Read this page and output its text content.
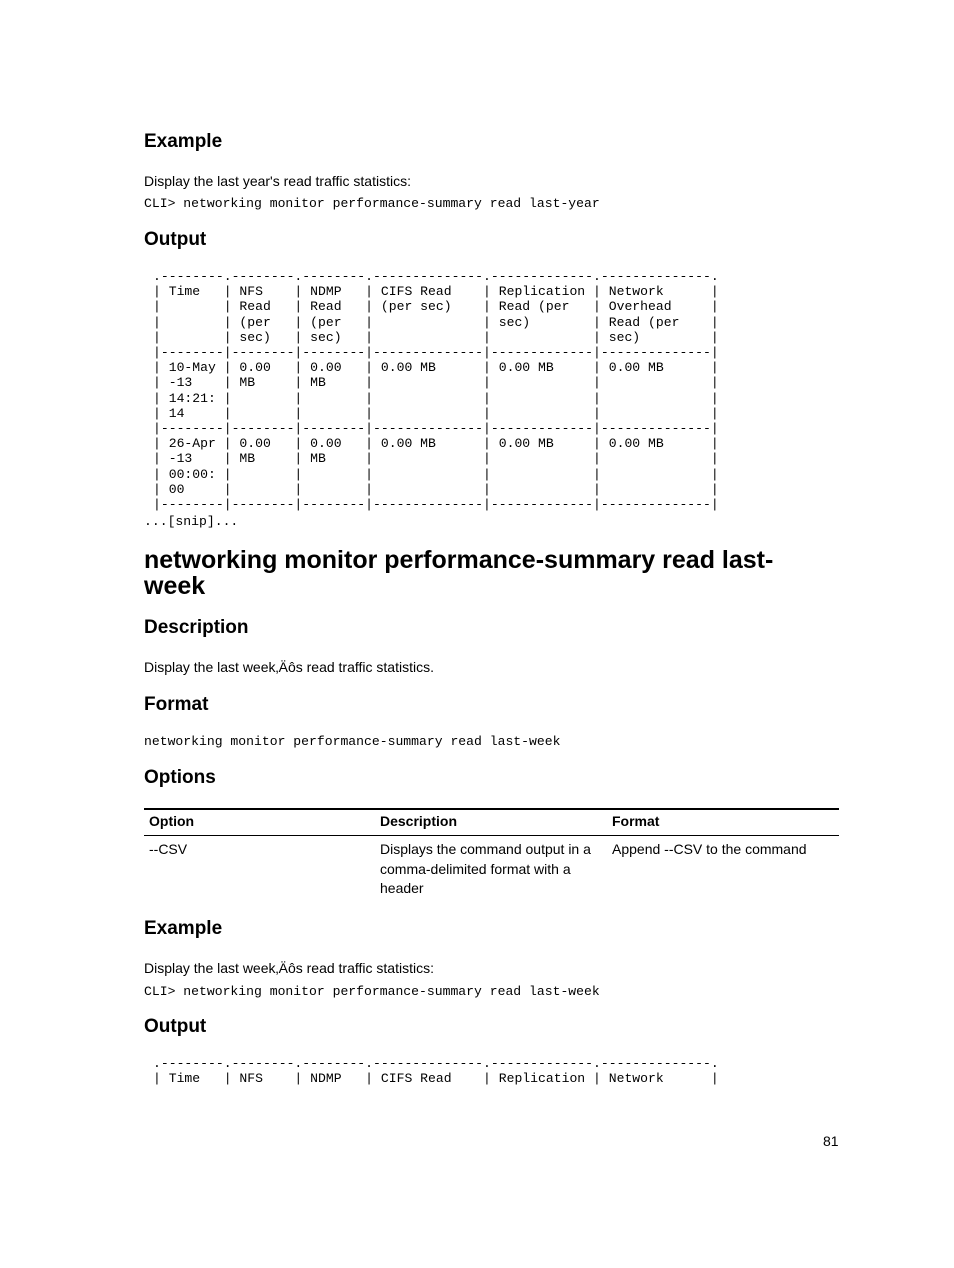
Example

Display the last year's read traffic statistics:

CLI> networking monitor performance-summary read last-year
Output
.--------.--------.--------.--------------.-------------.--------------.
| Time   | NFS    | NDMP   | CIFS Read    | Replication | Network      |
|        | Read   | Read   | (per sec)    | Read (per   | Overhead     |
|        | (per   | (per   |              | sec)        | Read (per    |
|        | sec)   | sec)   |              |             | sec)         |
|--------|--------|--------|--------------|-------------|--------------|
| 10-May | 0.00   | 0.00   | 0.00 MB      | 0.00 MB     | 0.00 MB      |
| -13    | MB     | MB     |              |             |              |
| 14:21: |        |        |              |             |              |
| 14     |        |        |              |             |              |
|--------|--------|--------|--------------|-------------|--------------|
| 26-Apr | 0.00   | 0.00   | 0.00 MB      | 0.00 MB     | 0.00 MB      |
| -13    | MB     | MB     |              |             |              |
| 00:00: |        |        |              |             |              |
| 00     |        |        |              |             |              |
|--------|--------|--------|--------------|-------------|--------------|
...[snip]...
networking monitor performance-summary read last-week
Description

Display the last week‚Äôs read traffic statistics.

Format
networking monitor performance-summary read last-week
Options
Option	Description	Format
--CSV	Displays the command output in a comma-delimited format with a header	Append --CSV to the command
Example

Display the last week‚Äôs read traffic statistics:

CLI> networking monitor performance-summary read last-week
Output
.--------.--------.--------.--------------.-------------.--------------.
| Time   | NFS    | NDMP   | CIFS Read    | Replication | Network      |
81
